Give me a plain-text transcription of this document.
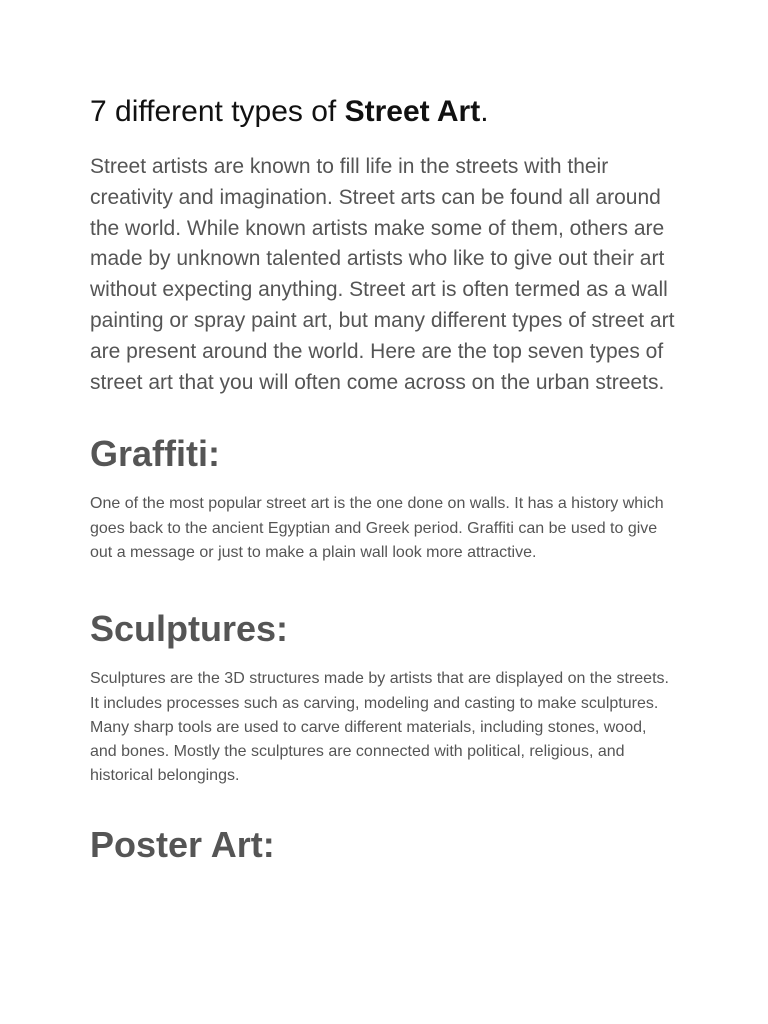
7 different types of Street Art.

Street artists are known to fill life in the streets with their creativity and imagination. Street arts can be found all around the world. While known artists make some of them, others are made by unknown talented artists who like to give out their art without expecting anything. Street art is often termed as a wall painting or spray paint art, but many different types of street art are present around the world. Here are the top seven types of street art that you will often come across on the urban streets.

Graffiti:

One of the most popular street art is the one done on walls. It has a history which goes back to the ancient Egyptian and Greek period. Graffiti can be used to give out a message or just to make a plain wall look more attractive.

Sculptures:

Sculptures are the 3D structures made by artists that are displayed on the streets. It includes processes such as carving, modeling and casting to make sculptures. Many sharp tools are used to carve different materials, including stones, wood, and bones. Mostly the sculptures are connected with political, religious, and historical belongings.

Poster Art:
